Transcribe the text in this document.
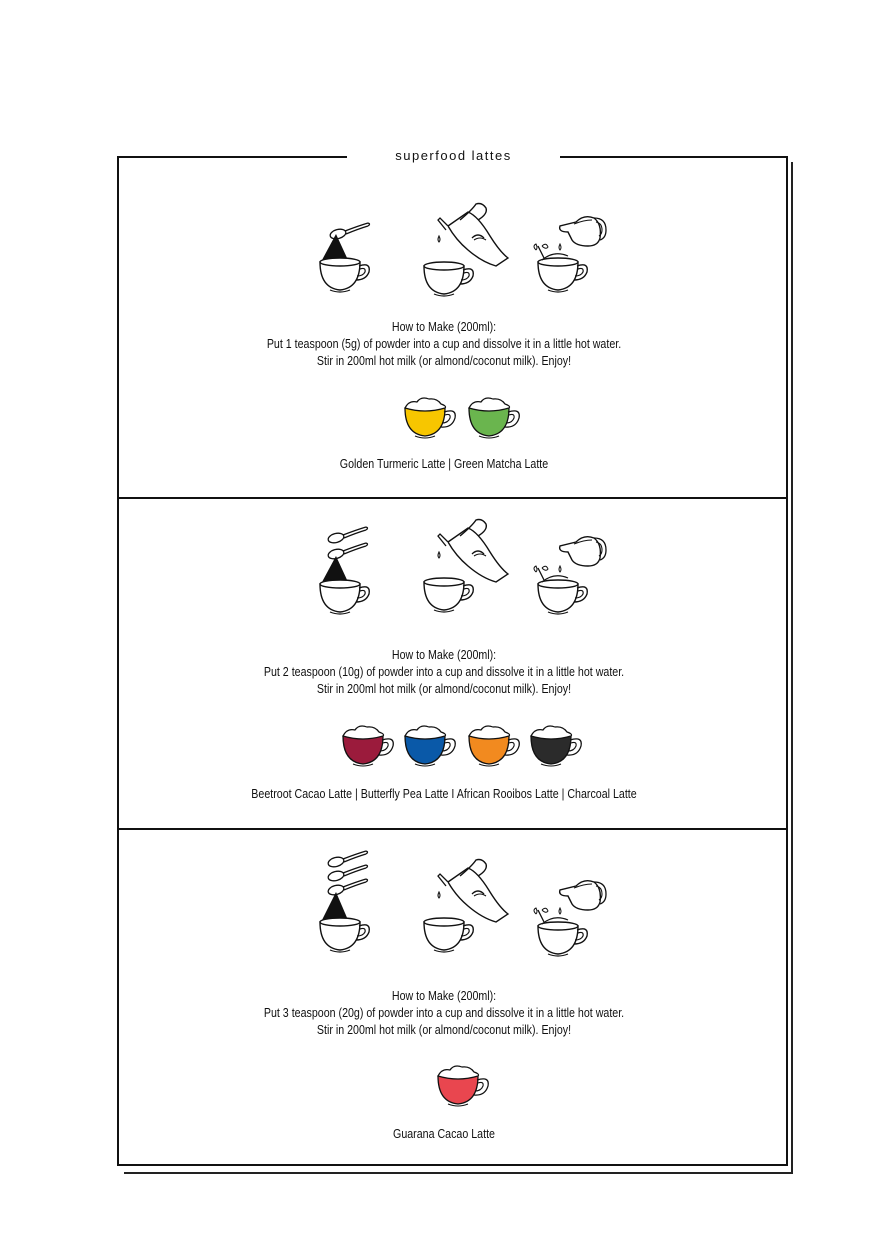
superfood lattes
How to Make (200ml):
Put 1 teaspoon (5g) of powder into a cup and dissolve it in a little hot water.
Stir in 200ml hot milk (or almond/coconut milk). Enjoy!
Golden Turmeric Latte | Green Matcha Latte
How to Make (200ml):
Put 2 teaspoon (10g) of powder into a cup and dissolve it in a little hot water.
Stir in 200ml hot milk (or almond/coconut milk). Enjoy!
Beetroot Cacao Latte | Butterfly Pea Latte I African Rooibos Latte | Charcoal Latte
How to Make (200ml):
Put 3 teaspoon (20g) of powder into a cup and dissolve it in a little hot water.
Stir in 200ml hot milk (or almond/coconut milk). Enjoy!
Guarana Cacao Latte
